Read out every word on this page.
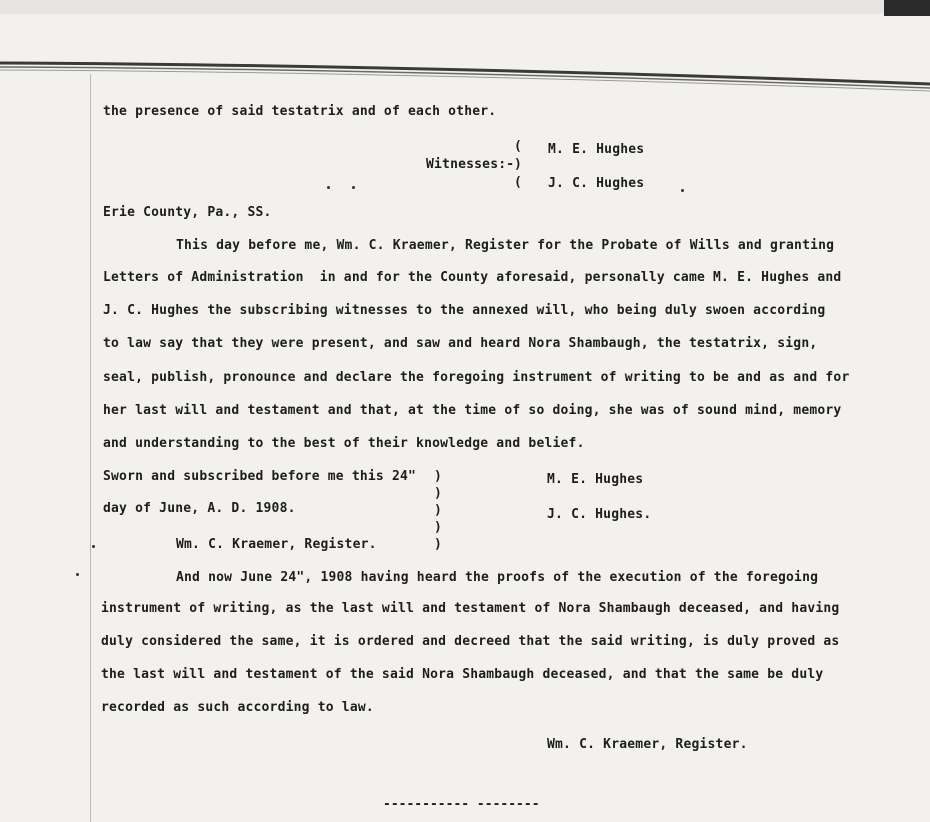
the presence of said testatrix and of each other.
Witnesses:-
(
)
(
M. E. Hughes
J. C. Hughes
Erie County, Pa., SS.
This day before me, Wm. C. Kraemer, Register for the Probate of Wills and granting
Letters of Administration  in and for the County aforesaid, personally came M. E. Hughes and
J. C. Hughes the subscribing witnesses to the annexed will, who being duly swoen according
to law say that they were present, and saw and heard Nora Shambaugh, the testatrix, sign,
seal, publish, pronounce and declare the foregoing instrument of writing to be and as and for
her last will and testament and that, at the time of so doing, she was of sound mind, memory
and understanding to the best of their knowledge and belief.
Sworn and subscribed before me this 24"
day of June, A. D. 1908.
Wm. C. Kraemer, Register.
)
)
)
)
)
M. E. Hughes
J. C. Hughes.
And now June 24", 1908 having heard the proofs of the execution of the foregoing
instrument of writing, as the last will and testament of Nora Shambaugh deceased, and having
duly considered the same, it is ordered and decreed that the said writing, is duly proved as
the last will and testament of the said Nora Shambaugh deceased, and that the same be duly
recorded as such according to law.
Wm. C. Kraemer, Register.
----------- --------
